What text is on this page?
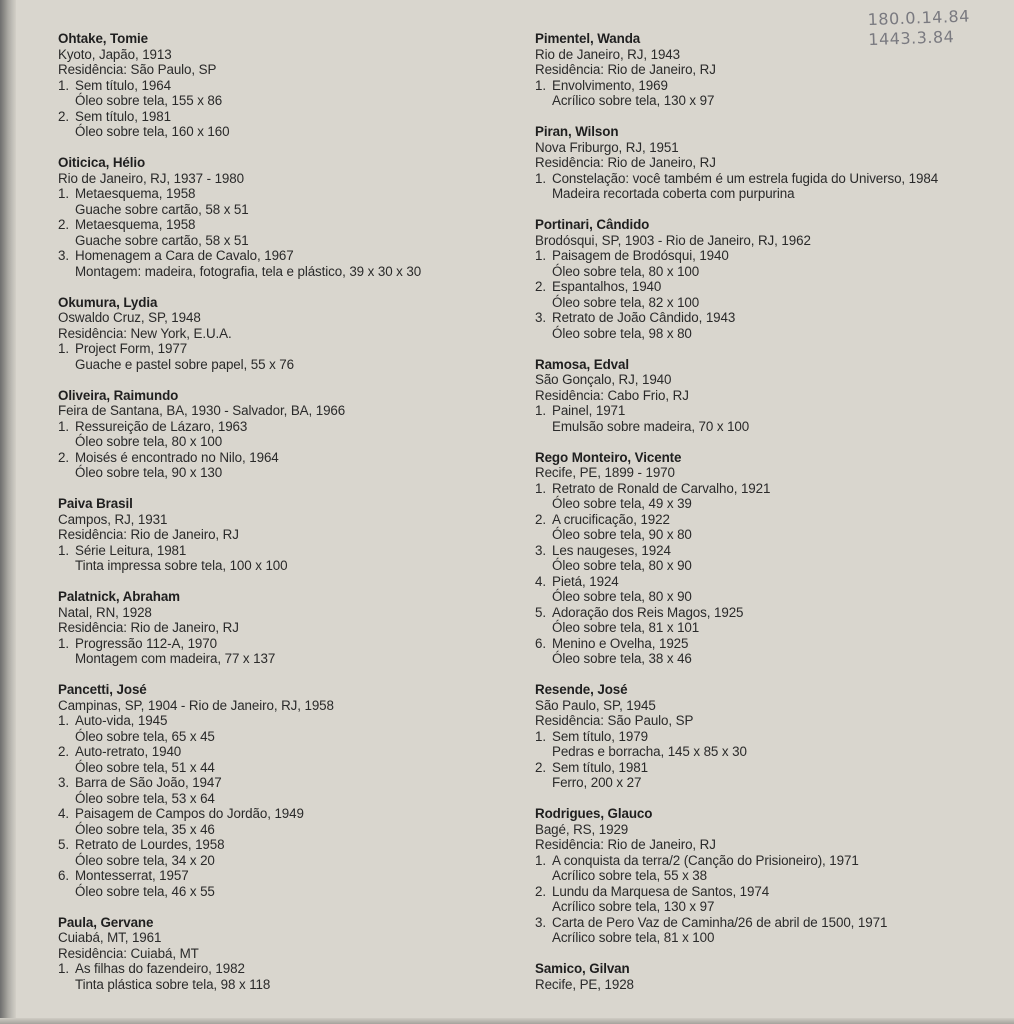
180.0.14.84
1443.3.84
Ohtake, Tomie
Kyoto, Japão, 1913
Residência: São Paulo, SP
1. Sem título, 1964
Óleo sobre tela, 155 x 86
2. Sem título, 1981
Óleo sobre tela, 160 x 160
Oiticica, Hélio
Rio de Janeiro, RJ, 1937 - 1980
1. Metaesquema, 1958
Guache sobre cartão, 58 x 51
2. Metaesquema, 1958
Guache sobre cartão, 58 x 51
3. Homenagem a Cara de Cavalo, 1967
Montagem: madeira, fotografia, tela e plástico, 39 x 30 x 30
Okumura, Lydia
Oswaldo Cruz, SP, 1948
Residência: New York, E.U.A.
1. Project Form, 1977
Guache e pastel sobre papel, 55 x 76
Oliveira, Raimundo
Feira de Santana, BA, 1930 - Salvador, BA, 1966
1. Ressureição de Lázaro, 1963
Óleo sobre tela, 80 x 100
2. Moisés é encontrado no Nilo, 1964
Óleo sobre tela, 90 x 130
Paiva Brasil
Campos, RJ, 1931
Residência: Rio de Janeiro, RJ
1. Série Leitura, 1981
Tinta impressa sobre tela, 100 x 100
Palatnick, Abraham
Natal, RN, 1928
Residência: Rio de Janeiro, RJ
1. Progressão 112-A, 1970
Montagem com madeira, 77 x 137
Pancetti, José
Campinas, SP, 1904 - Rio de Janeiro, RJ, 1958
1. Auto-vida, 1945
Óleo sobre tela, 65 x 45
2. Auto-retrato, 1940
Óleo sobre tela, 51 x 44
3. Barra de São João, 1947
Óleo sobre tela, 53 x 64
4. Paisagem de Campos do Jordão, 1949
Óleo sobre tela, 35 x 46
5. Retrato de Lourdes, 1958
Óleo sobre tela, 34 x 20
6. Montesserrat, 1957
Óleo sobre tela, 46 x 55
Paula, Gervane
Cuiabá, MT, 1961
Residência: Cuiabá, MT
1. As filhas do fazendeiro, 1982
Tinta plástica sobre tela, 98 x 118
Pimentel, Wanda
Rio de Janeiro, RJ, 1943
Residência: Rio de Janeiro, RJ
1. Envolvimento, 1969
Acrílico sobre tela, 130 x 97
Piran, Wilson
Nova Friburgo, RJ, 1951
Residência: Rio de Janeiro, RJ
1. Constelação: você também é um estrela fugida do Universo, 1984
Madeira recortada coberta com purpurina
Portinari, Cândido
Brodósqui, SP, 1903 - Rio de Janeiro, RJ, 1962
1. Paisagem de Brodósqui, 1940
Óleo sobre tela, 80 x 100
2. Espantalhos, 1940
Óleo sobre tela, 82 x 100
3. Retrato de João Cândido, 1943
Óleo sobre tela, 98 x 80
Ramosa, Edval
São Gonçalo, RJ, 1940
Residência: Cabo Frio, RJ
1. Painel, 1971
Emulsão sobre madeira, 70 x 100
Rego Monteiro, Vicente
Recife, PE, 1899 - 1970
1. Retrato de Ronald de Carvalho, 1921
Óleo sobre tela, 49 x 39
2. A crucificação, 1922
Óleo sobre tela, 90 x 80
3. Les naugeses, 1924
Óleo sobre tela, 80 x 90
4. Pietá, 1924
Óleo sobre tela, 80 x 90
5. Adoração dos Reis Magos, 1925
Óleo sobre tela, 81 x 101
6. Menino e Ovelha, 1925
Óleo sobre tela, 38 x 46
Resende, José
São Paulo, SP, 1945
Residência: São Paulo, SP
1. Sem título, 1979
Pedras e borracha, 145 x 85 x 30
2. Sem título, 1981
Ferro, 200 x 27
Rodrigues, Glauco
Bagé, RS, 1929
Residência: Rio de Janeiro, RJ
1. A conquista da terra/2 (Canção do Prisioneiro), 1971
Acrílico sobre tela, 55 x 38
2. Lundu da Marquesa de Santos, 1974
Acrílico sobre tela, 130 x 97
3. Carta de Pero Vaz de Caminha/26 de abril de 1500, 1971
Acrílico sobre tela, 81 x 100
Samico, Gilvan
Recife, PE, 1928
